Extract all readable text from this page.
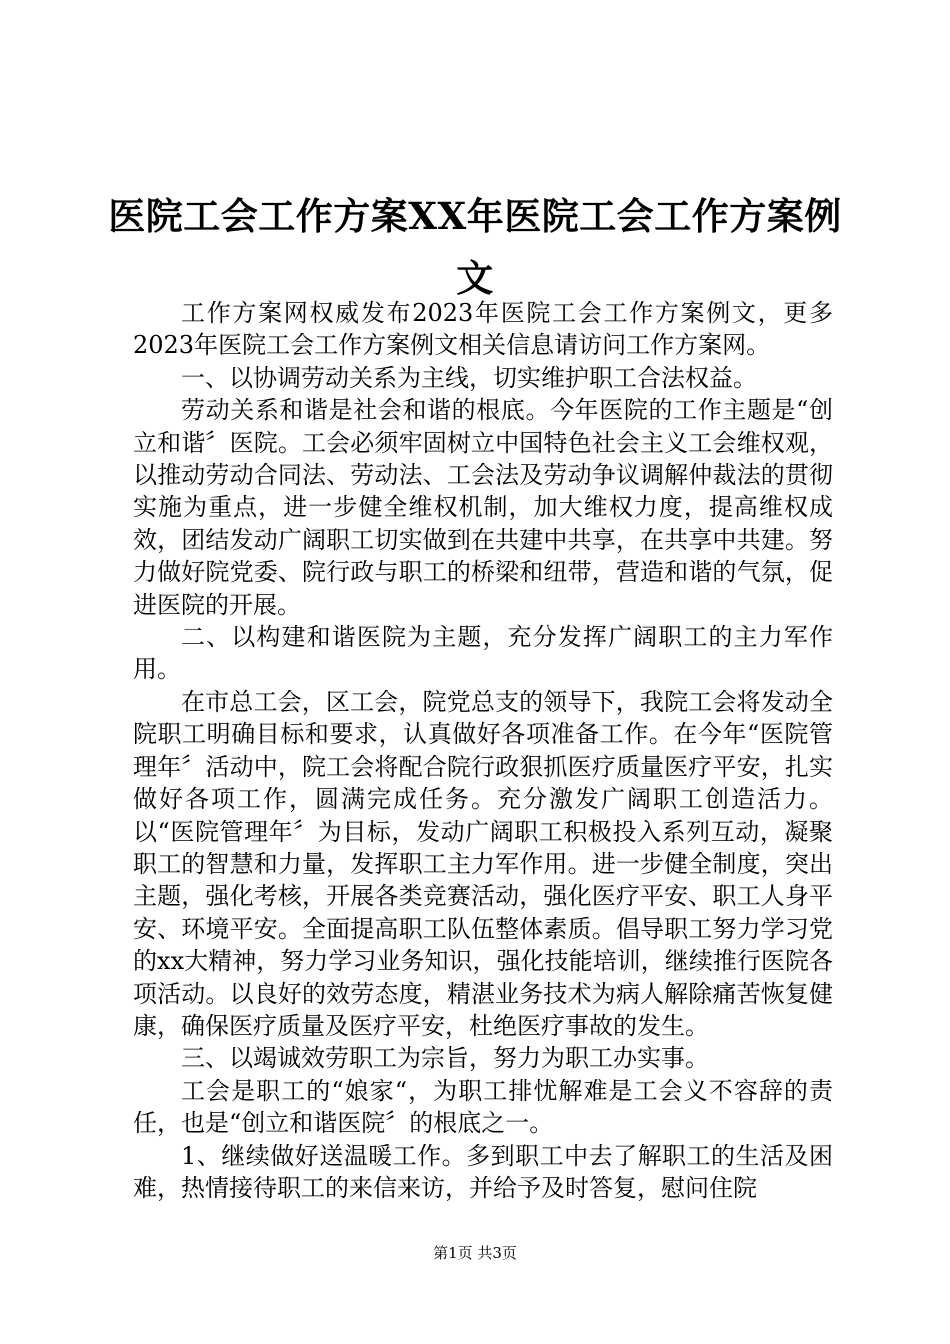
医院工会工作方案XX年医院工会工作方案例文

工作方案网权威发布2023年医院工会工作方案例文，更多2023年医院工会工作方案例文相关信息请访问工作方案网。

一、以协调劳动关系为主线，切实维护职工合法权益。

劳动关系和谐是社会和谐的根底。今年医院的工作主题是“创立和谐〞医院。工会必须牢固树立中国特色社会主义工会维权观，以推动劳动合同法、劳动法、工会法及劳动争议调解仲裁法的贯彻实施为重点，进一步健全维权机制，加大维权力度，提高维权成效，团结发动广阔职工切实做到在共建中共享，在共享中共建。努力做好院党委、院行政与职工的桥梁和纽带，营造和谐的气氛，促进医院的开展。

二、以构建和谐医院为主题，充分发挥广阔职工的主力军作用。

在市总工会，区工会，院党总支的领导下，我院工会将发动全院职工明确目标和要求，认真做好各项准备工作。在今年“医院管理年〞活动中，院工会将配合院行政狠抓医疗质量医疗平安，扎实做好各项工作，圆满完成任务。充分激发广阔职工创造活力。以“医院管理年〞为目标，发动广阔职工积极投入系列互动，凝聚职工的智慧和力量，发挥职工主力军作用。进一步健全制度，突出主题，强化考核，开展各类竞赛活动，强化医疗平安、职工人身平安、环境平安。全面提高职工队伍整体素质。倡导职工努力学习党的xx大精神，努力学习业务知识，强化技能培训，继续推行医院各项活动。以良好的效劳态度，精湛业务技术为病人解除痛苦恢复健康，确保医疗质量及医疗平安，杜绝医疗事故的发生。

三、以竭诚效劳职工为宗旨，努力为职工办实事。

工会是职工的“娘家“，为职工排忧解难是工会义不容辞的责任，也是“创立和谐医院〞的根底之一。

1、继续做好送温暖工作。多到职工中去了解职工的生活及困难，热情接待职工的来信来访，并给予及时答复，慰问住院

第1页 共3页
